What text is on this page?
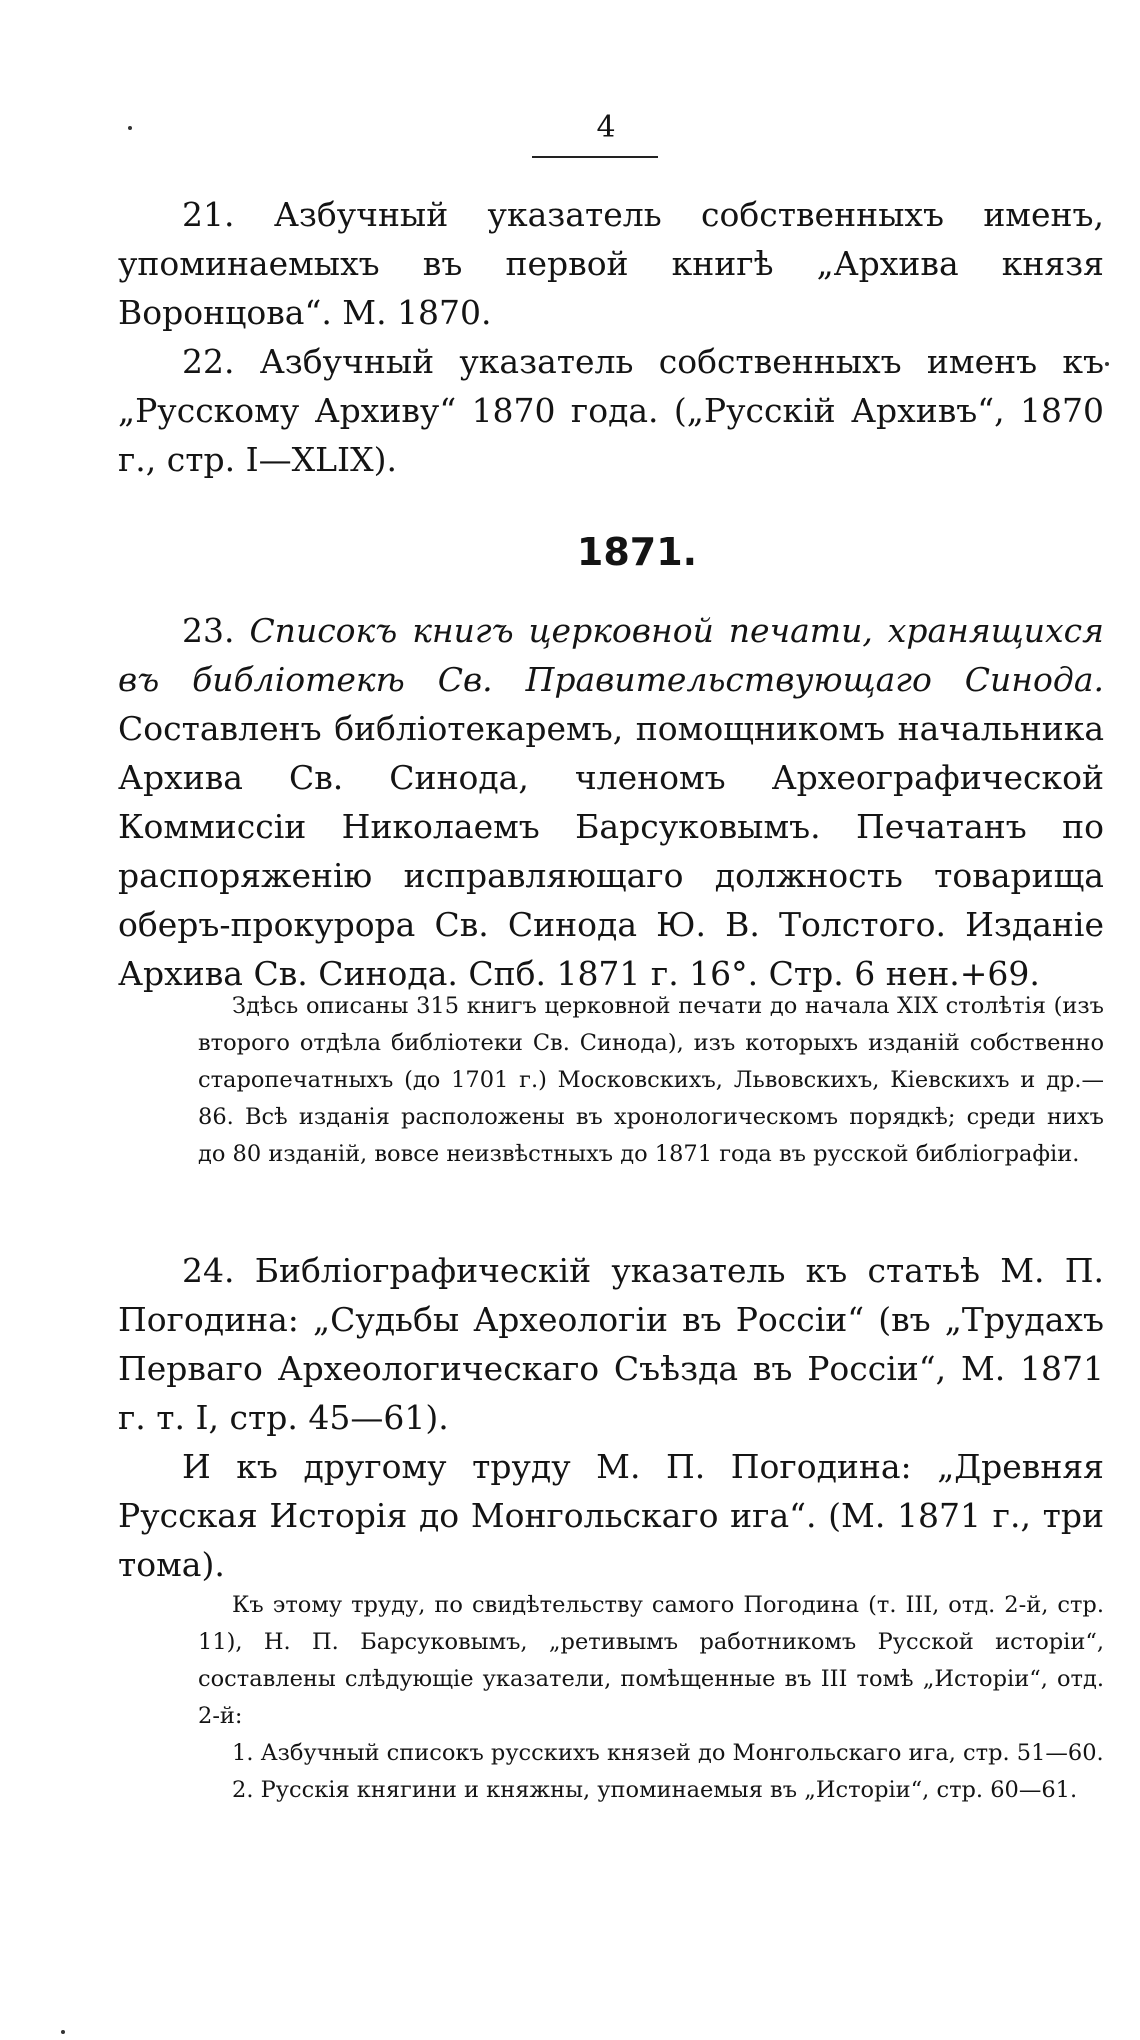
4

21. Азбучный указатель собственныхъ именъ, упоминаемыхъ въ первой книгѣ „Архива князя Воронцова“. М. 1870.

22. Азбучный указатель собственныхъ именъ къ „Русскому Архиву“ 1870 года. („Русскій Архивъ“, 1870 г., стр. I—XLIX).

1871.

23. Списокъ книгъ церковной печати, хранящихся въ библіотекѣ Св. Правительствующаго Синода. Составленъ библіотекаремъ, помощникомъ начальника Архива Св. Синода, членомъ Археографической Коммиссіи Николаемъ Барсуковымъ. Печатанъ по распоряженію исправляющаго должность товарища оберъ-прокурора Св. Синода Ю. В. Толстого. Изданіе Архива Св. Синода. Спб. 1871 г. 16°. Стр. 6 нен.+69.

Здѣсь описаны 315 книгъ церковной печати до начала XIX столѣтія (изъ второго отдѣла библіотеки Св. Синода), изъ которыхъ изданій собственно старопечатныхъ (до 1701 г.) Московскихъ, Львовскихъ, Кіевскихъ и др.—86. Всѣ изданія расположены въ хронологическомъ порядкѣ; среди нихъ до 80 изданій, вовсе неизвѣстныхъ до 1871 года въ русской библіографіи.

24. Библіографическій указатель къ статьѣ М. П. Погодина: „Судьбы Археологіи въ Россіи“ (въ „Трудахъ Перваго Археологическаго Съѣзда въ Россіи“, М. 1871 г. т. I, стр. 45—61).

И къ другому труду М. П. Погодина: „Древняя Русская Исторія до Монгольскаго ига“. (М. 1871 г., три тома).

Къ этому труду, по свидѣтельству самого Погодина (т. III, отд. 2-й, стр. 11), Н. П. Барсуковымъ, „ретивымъ работникомъ Русской исторіи“, составлены слѣдующіе указатели, помѣщенные въ III томѣ „Исторіи“, отд. 2-й:

1. Азбучный списокъ русскихъ князей до Монгольскаго ига, стр. 51—60.

2. Русскія княгини и княжны, упоминаемыя въ „Исторіи“, стр. 60—61.
